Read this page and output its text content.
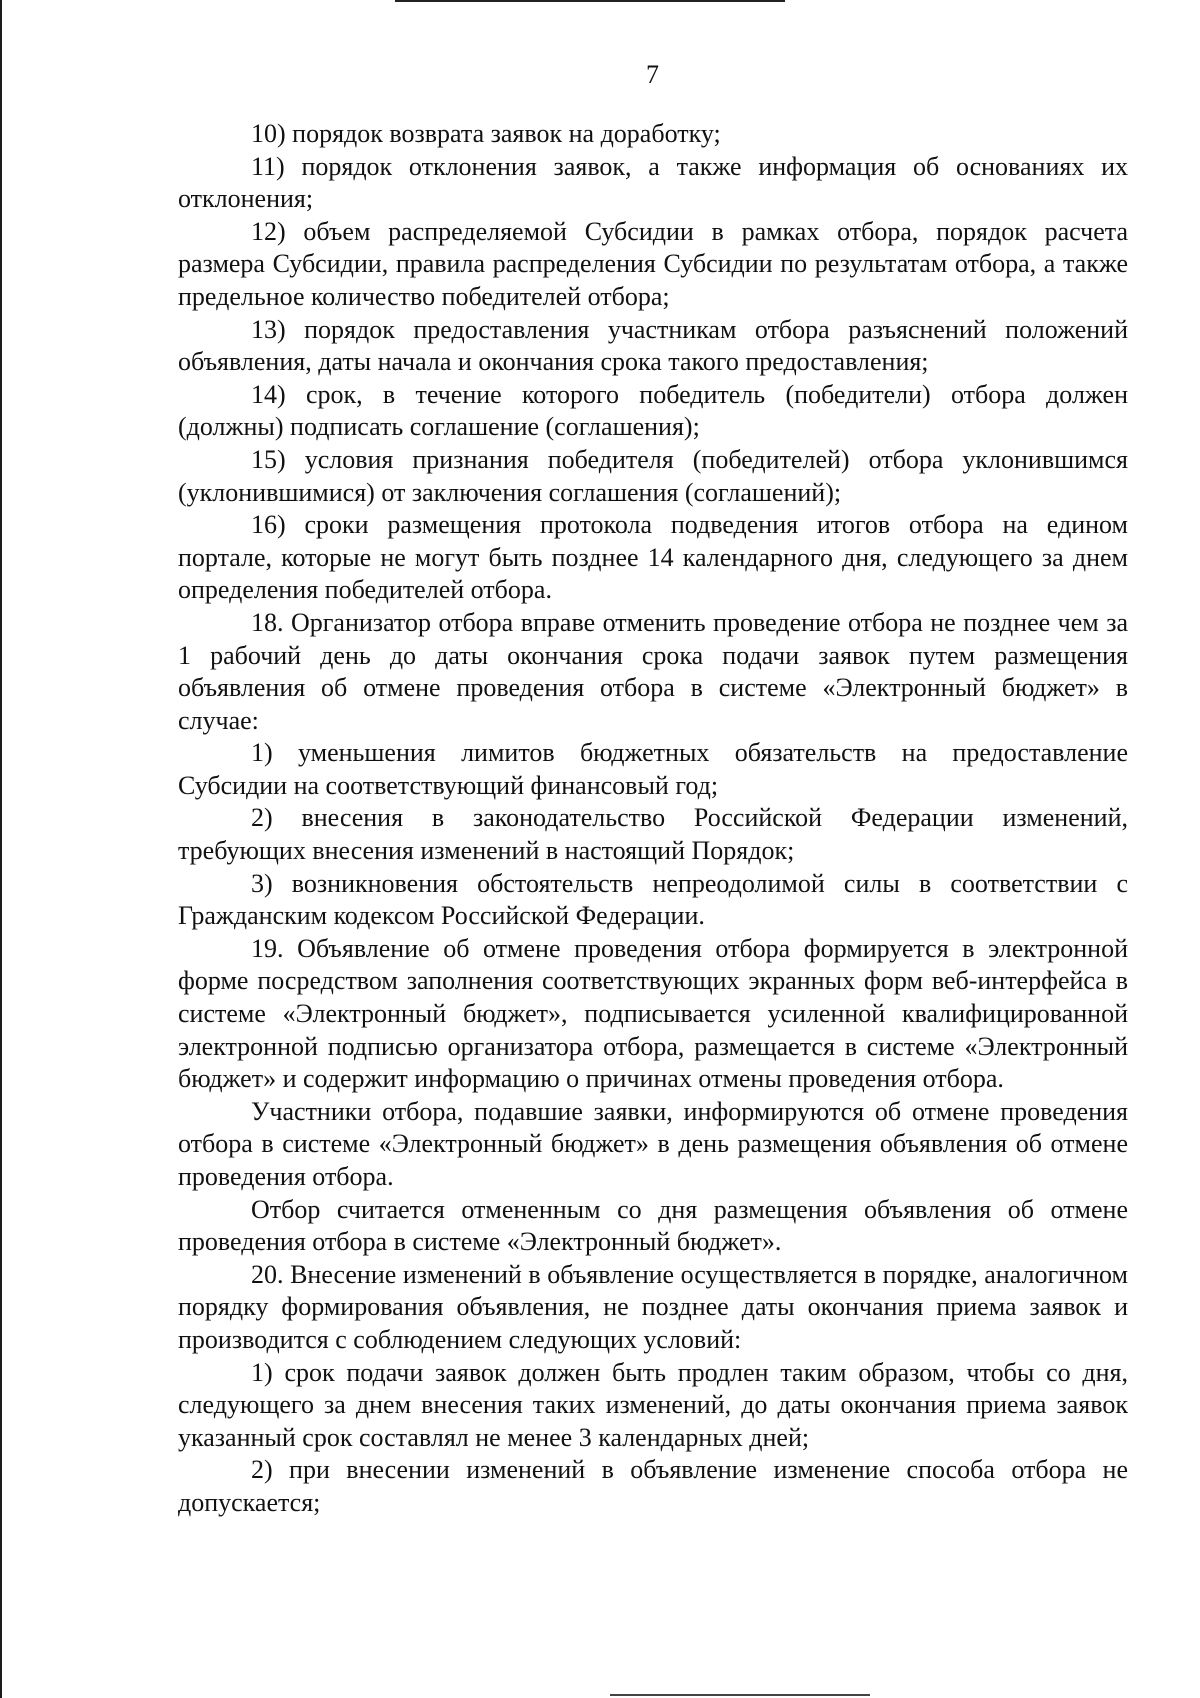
7

10) порядок возврата заявок на доработку;

11) порядок отклонения заявок, а также информация об основаниях их отклонения;

12) объем распределяемой Субсидии в рамках отбора, порядок расчета размера Субсидии, правила распределения Субсидии по результатам отбора, а также предельное количество победителей отбора;

13) порядок предоставления участникам отбора разъяснений положений объявления, даты начала и окончания срока такого предоставления;

14) срок, в течение которого победитель (победители) отбора должен (должны) подписать соглашение (соглашения);

15) условия признания победителя (победителей) отбора уклонившимся (уклонившимися) от заключения соглашения (соглашений);

16) сроки размещения протокола подведения итогов отбора на едином портале, которые не могут быть позднее 14 календарного дня, следующего за днем определения победителей отбора.

18. Организатор отбора вправе отменить проведение отбора не позднее чем за 1 рабочий день до даты окончания срока подачи заявок путем размещения объявления об отмене проведения отбора в системе «Электронный бюджет» в случае:

1) уменьшения лимитов бюджетных обязательств на предоставление Субсидии на соответствующий финансовый год;

2) внесения в законодательство Российской Федерации изменений, требующих внесения изменений в настоящий Порядок;

3) возникновения обстоятельств непреодолимой силы в соответствии с Гражданским кодексом Российской Федерации.

19. Объявление об отмене проведения отбора формируется в электронной форме посредством заполнения соответствующих экранных форм веб-интерфейса в системе «Электронный бюджет», подписывается усиленной квалифицированной электронной подписью организатора отбора, размещается в системе «Электронный бюджет» и содержит информацию о причинах отмены проведения отбора.

Участники отбора, подавшие заявки, информируются об отмене проведения отбора в системе «Электронный бюджет» в день размещения объявления об отмене проведения отбора.

Отбор считается отмененным со дня размещения объявления об отмене проведения отбора в системе «Электронный бюджет».

20. Внесение изменений в объявление осуществляется в порядке, аналогичном порядку формирования объявления, не позднее даты окончания приема заявок и производится с соблюдением следующих условий:

1) срок подачи заявок должен быть продлен таким образом, чтобы со дня, следующего за днем внесения таких изменений, до даты окончания приема заявок указанный срок составлял не менее 3 календарных дней;

2) при внесении изменений в объявление изменение способа отбора не допускается;
